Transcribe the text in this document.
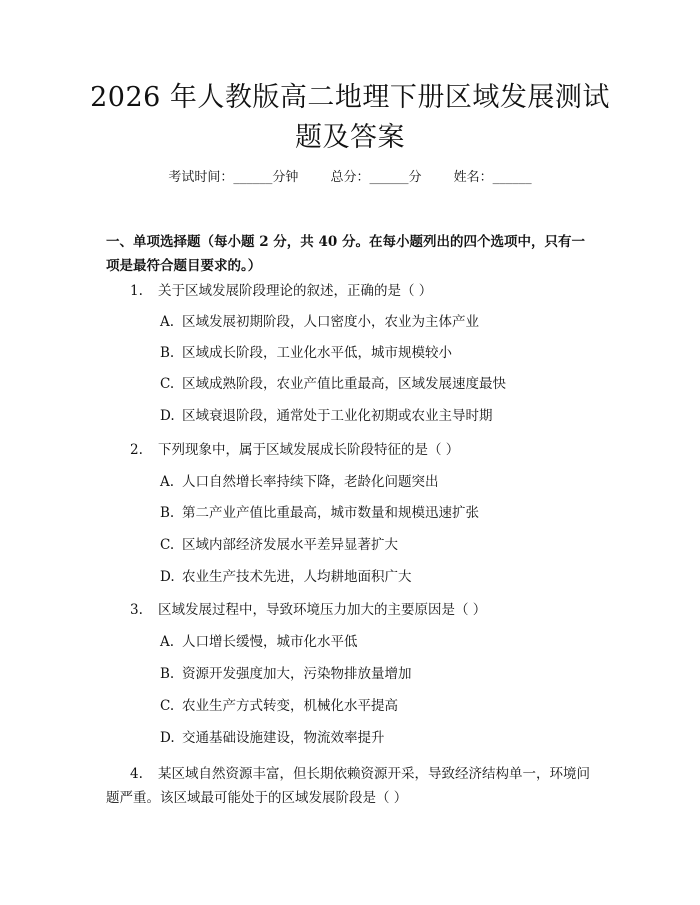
2026 年人教版高二地理下册区域发展测试题及答案
考试时间：______分钟 总分：______分 姓名：______
一、单项选择题（每小题 2 分，共 40 分。在每小题列出的四个选项中，只有一项是最符合题目要求的。）
1. 关于区域发展阶段理论的叙述，正确的是（ ）
A. 区域发展初期阶段，人口密度小，农业为主体产业
B. 区域成长阶段，工业化水平低，城市规模较小
C. 区域成熟阶段，农业产值比重最高，区域发展速度最快
D. 区域衰退阶段，通常处于工业化初期或农业主导时期
2. 下列现象中，属于区域发展成长阶段特征的是（ ）
A. 人口自然增长率持续下降，老龄化问题突出
B. 第二产业产值比重最高，城市数量和规模迅速扩张
C. 区域内部经济发展水平差异显著扩大
D. 农业生产技术先进，人均耕地面积广大
3. 区域发展过程中，导致环境压力加大的主要原因是（ ）
A. 人口增长缓慢，城市化水平低
B. 资源开发强度加大，污染物排放量增加
C. 农业生产方式转变，机械化水平提高
D. 交通基础设施建设，物流效率提升
4. 某区域自然资源丰富，但长期依赖资源开采，导致经济结构单一，环境问题严重。该区域最可能处于的区域发展阶段是（ ）
